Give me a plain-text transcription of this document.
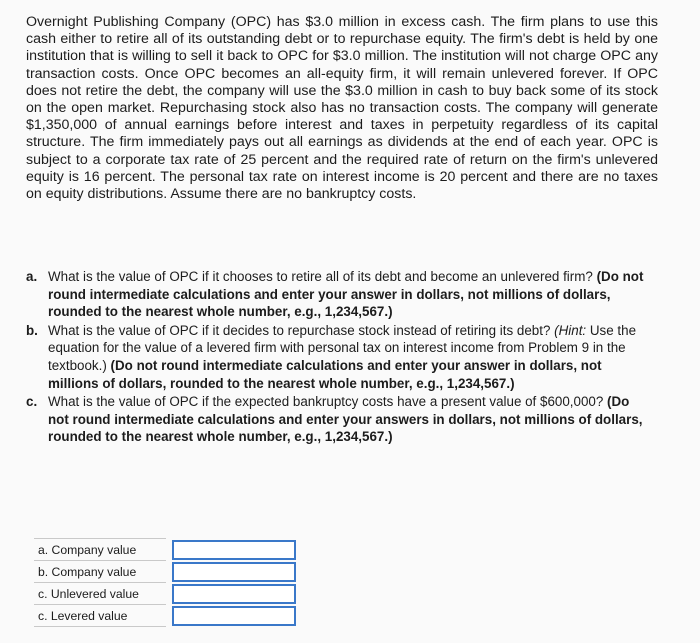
Overnight Publishing Company (OPC) has $3.0 million in excess cash. The firm plans to use this cash either to retire all of its outstanding debt or to repurchase equity. The firm's debt is held by one institution that is willing to sell it back to OPC for $3.0 million. The institution will not charge OPC any transaction costs. Once OPC becomes an all-equity firm, it will remain unlevered forever. If OPC does not retire the debt, the company will use the $3.0 million in cash to buy back some of its stock on the open market. Repurchasing stock also has no transaction costs. The company will generate $1,350,000 of annual earnings before interest and taxes in perpetuity regardless of its capital structure. The firm immediately pays out all earnings as dividends at the end of each year. OPC is subject to a corporate tax rate of 25 percent and the required rate of return on the firm's unlevered equity is 16 percent. The personal tax rate on interest income is 20 percent and there are no taxes on equity distributions. Assume there are no bankruptcy costs.

a. What is the value of OPC if it chooses to retire all of its debt and become an unlevered firm? (Do not round intermediate calculations and enter your answer in dollars, not millions of dollars, rounded to the nearest whole number, e.g., 1,234,567.)
b. What is the value of OPC if it decides to repurchase stock instead of retiring its debt? (Hint: Use the equation for the value of a levered firm with personal tax on interest income from Problem 9 in the textbook.) (Do not round intermediate calculations and enter your answer in dollars, not millions of dollars, rounded to the nearest whole number, e.g., 1,234,567.)
c. What is the value of OPC if the expected bankruptcy costs have a present value of $600,000? (Do not round intermediate calculations and enter your answers in dollars, not millions of dollars, rounded to the nearest whole number, e.g., 1,234,567.)
a. Company value		

b. Company value		

c. Unlevered value		

c. Levered value		
